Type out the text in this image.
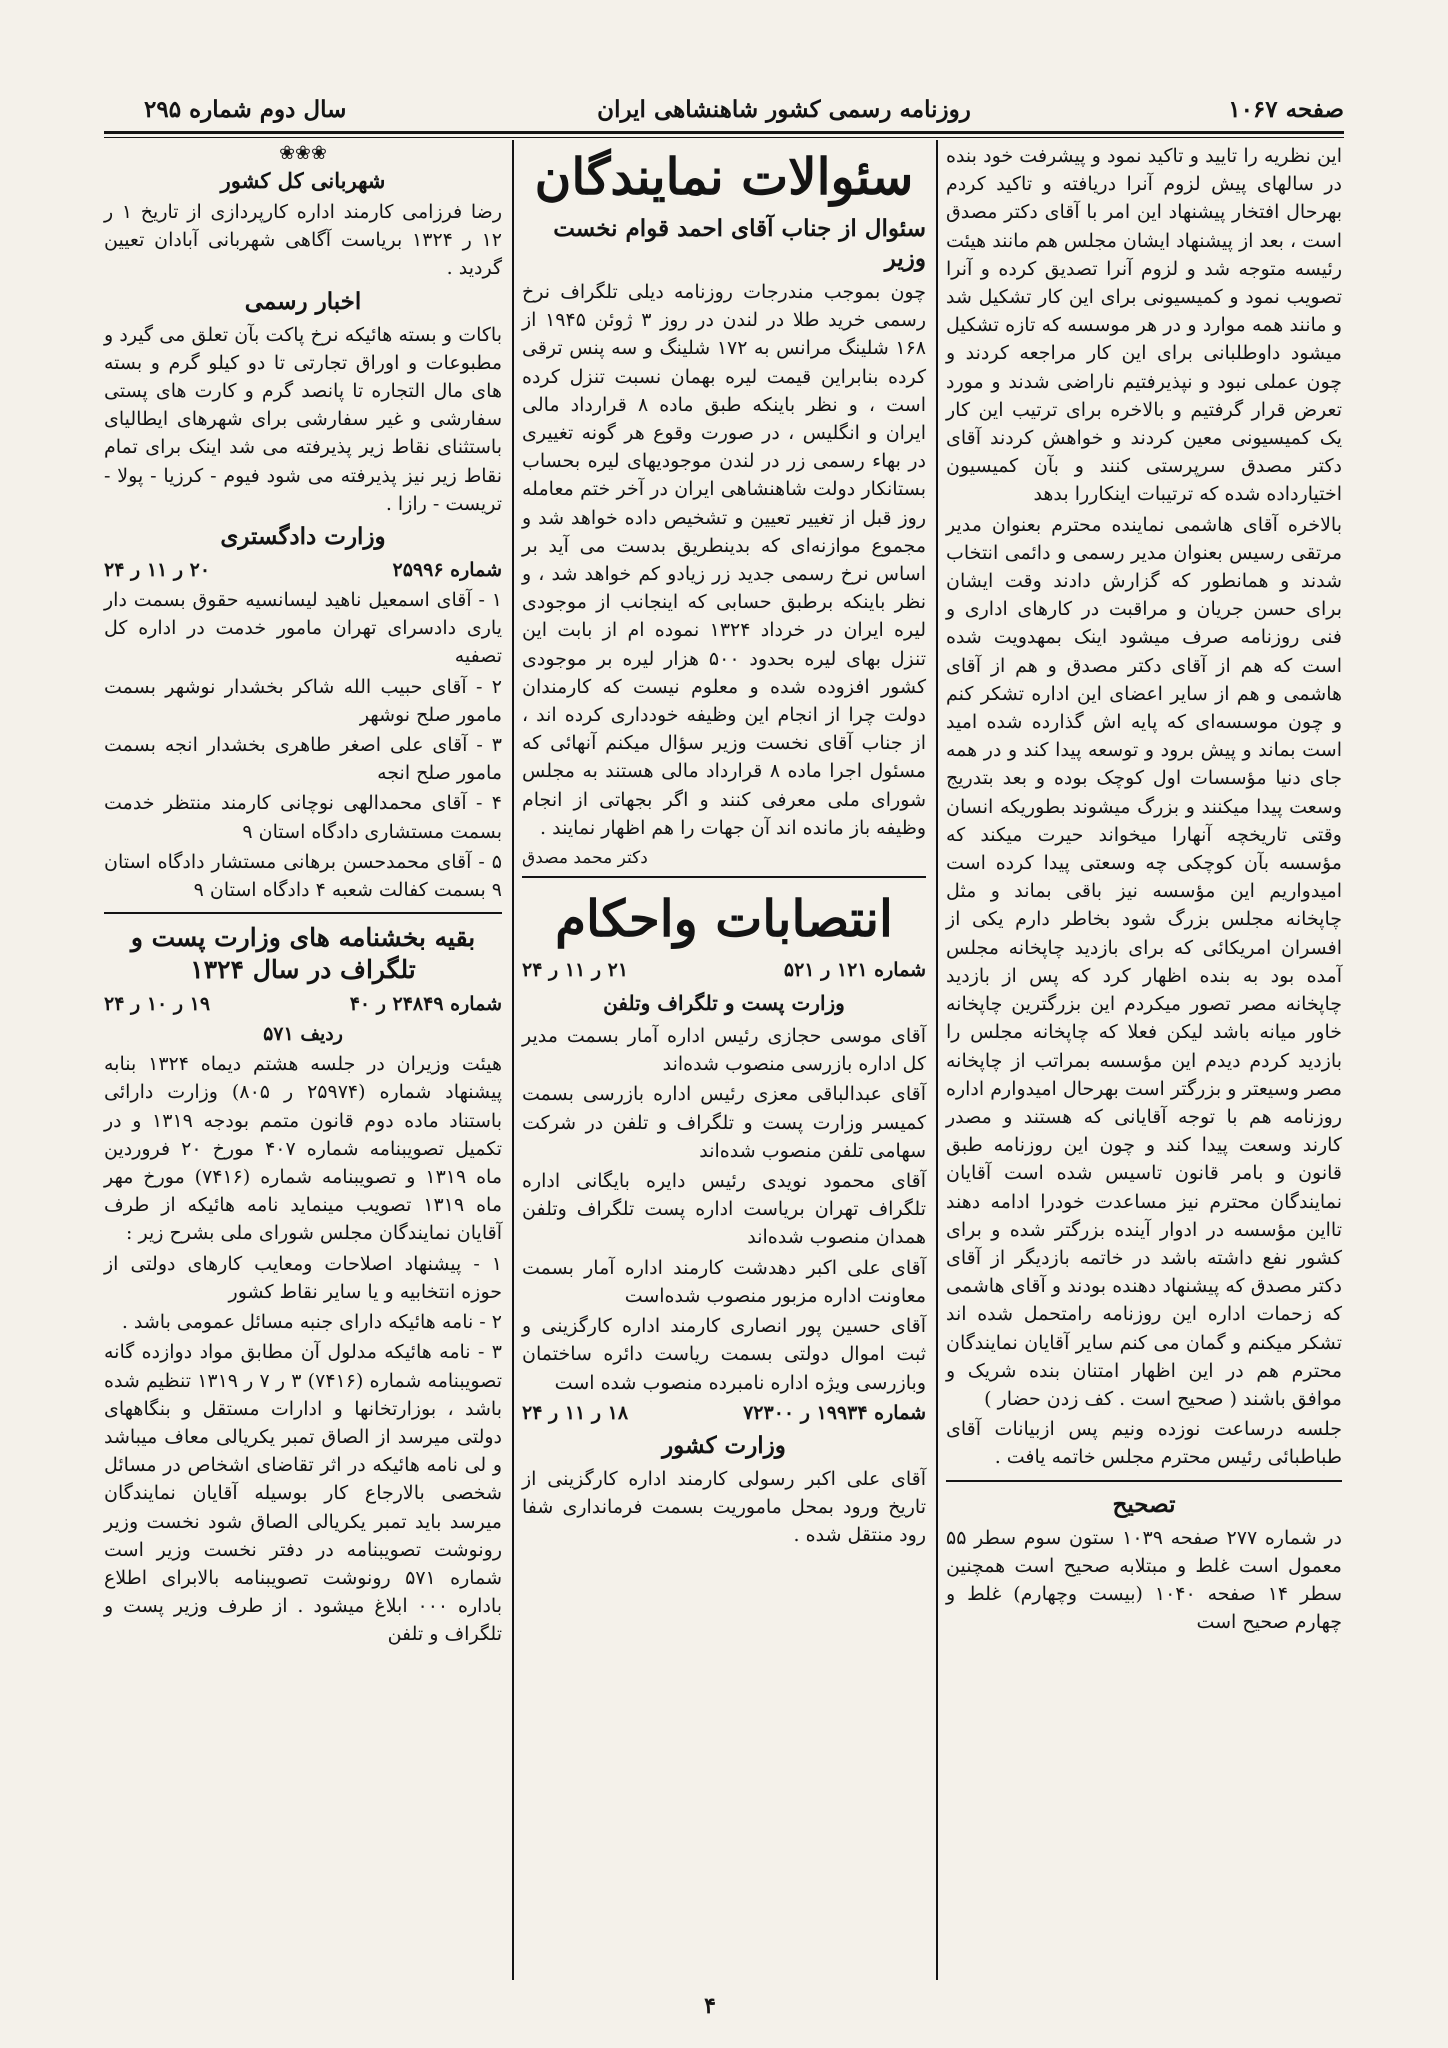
صفحه ۱۰۶۷
روزنامه رسمی کشور شاهنشاهی ایران
سال دوم شماره ۲۹۵

این نظریه را تایید و تاکید نمود و پیشرفت خود بنده در سالهای پیش لزوم آنرا دریافته و تاکید کردم بهرحال افتخار پیشنهاد این امر با آقای دکتر مصدق است ، بعد از پیشنهاد ایشان مجلس هم مانند هیئت رئیسه متوجه شد و لزوم آنرا تصدیق کرده و آنرا تصویب نمود و کمیسیونی برای این کار تشکیل شد و مانند همه موارد و در هر موسسه که تازه تشکیل میشود داوطلبانی برای این کار مراجعه کردند و چون عملی نبود و نپذیرفتیم ناراضی شدند و مورد تعرض قرار گرفتیم و بالاخره برای ترتیب این کار یک کمیسیونی معین کردند و خواهش کردند آقای دکتر مصدق سرپرستی کنند و بآن کمیسیون اختیارداده شده که ترتیبات اینکاررا بدهد

بالاخره آقای هاشمی نماینده محترم بعنوان مدیر مرتقی رسیس بعنوان مدیر رسمی و دائمی انتخاب شدند و همانطور که گزارش دادند وقت ایشان برای حسن جریان و مراقبت در کارهای اداری و فنی روزنامه صرف میشود اینک بمهدویت شده است که هم از آقای دکتر مصدق و هم از آقای هاشمی و هم از سایر اعضای این اداره تشکر کنم و چون موسسه‌ای که پایه اش گذارده شده امید است بماند و پیش برود و توسعه پیدا کند و در همه جای دنیا مؤسسات اول کوچک بوده و بعد بتدریج وسعت پیدا میکنند و بزرگ میشوند بطوریکه انسان وقتی تاریخچه آنهارا میخواند حیرت میکند که مؤسسه بآن کوچکی چه وسعتی پیدا کرده است امیدواریم این مؤسسه نیز باقی بماند و مثل چاپخانه مجلس بزرگ شود بخاطر دارم یکی از افسران امریکائی که برای بازدید چاپخانه مجلس آمده بود به بنده اظهار کرد که پس از بازدید چاپخانه مصر تصور میکردم این بزرگترین چاپخانه خاور میانه باشد لیکن فعلا که چاپخانه مجلس را بازدید کردم دیدم این مؤسسه بمراتب از چاپخانه مصر وسیعتر و بزرگتر است بهرحال امیدوارم اداره روزنامه هم با توجه آقایانی که هستند و مصدر کارند وسعت پیدا کند و چون این روزنامه طبق قانون و بامر قانون تاسیس شده است آقایان نمایندگان محترم نیز مساعدت خودرا ادامه دهند تااین مؤسسه در ادوار آینده بزرگتر شده و برای کشور نفع داشته باشد در خاتمه بازدیگر از آقای دکتر مصدق که پیشنهاد دهنده بودند و آقای هاشمی که زحمات اداره این روزنامه رامتحمل شده اند تشکر میکنم و گمان می کنم سایر آقایان نمایندگان محترم هم در این اظهار امتنان بنده شریک و موافق باشند ( صحیح است . کف زدن حضار )

جلسه درساعت نوزده ونیم پس ازبیانات آقای طباطبائی رئیس محترم مجلس خاتمه یافت .

تصحیح

در شماره ۲۷۷ صفحه ۱۰۳۹ ستون سوم سطر ۵۵ معمول است غلط و مبتلابه صحیح است همچنین سطر ۱۴ صفحه ۱۰۴۰ (بیست وچهارم) غلط و چهارم صحیح است

سئوالات نمایندگان
سئوال از جناب آقای احمد قوام نخست وزیر

چون بموجب مندرجات روزنامه دیلی تلگراف نرخ رسمی خرید طلا در لندن در روز ۳ ژوئن ۱۹۴۵ از ۱۶۸ شلینگ مرانس به ۱۷۲ شلینگ و سه پنس ترقی کرده بنابراین قیمت لیره بهمان نسبت تنزل کرده است ، و نظر باینکه طبق ماده ۸ قرارداد مالی ایران و انگلیس ، در صورت وقوع هر گونه تغییری در بهاء رسمی زر در لندن موجودیهای لیره بحساب بستانکار دولت شاهنشاهی ایران در آخر ختم معامله روز قبل از تغییر تعیین و تشخیص داده خواهد شد و مجموع موازنه‌ای که بدینطریق بدست می آید بر اساس نرخ رسمی جدید زر زیادو کم خواهد شد ، و نظر باینکه برطبق حسابی که اینجانب از موجودی لیره ایران در خرداد ۱۳۲۴ نموده ام از بابت این تنزل بهای لیره بحدود ۵۰۰ هزار لیره بر موجودی کشور افزوده شده و معلوم نیست که کارمندان دولت چرا از انجام این وظیفه خودداری کرده اند ، از جناب آقای نخست وزیر سؤال میکنم آنهائی که مسئول اجرا ماده ۸ قرارداد مالی هستند به مجلس شورای ملی معرفی کنند و اگر بجهاتی از انجام وظیفه باز مانده اند آن جهات را هم اظهار نمایند .

دکتر محمد مصدق
انتصابات واحکام
شماره ۱۲۱ ر ۵۲۱
۲۱ ر ۱۱ ر ۲۴
وزارت پست و تلگراف وتلفن

آقای موسی حجازی رئیس اداره آمار بسمت مدیر کل اداره بازرسی منصوب شده‌اند

آقای عبدالباقی معزی رئیس اداره بازرسی بسمت کمیسر وزارت پست و تلگراف و تلفن در شرکت سهامی تلفن منصوب شده‌اند

آقای محمود نویدی رئیس دایره بایگانی اداره تلگراف تهران بریاست اداره پست تلگراف وتلفن همدان منصوب شده‌اند

آقای علی اکبر دهدشت کارمند اداره آمار بسمت معاونت اداره مزبور منصوب شده‌است

آقای حسین پور انصاری کارمند اداره کارگزینی و ثبت اموال دولتی بسمت ریاست دائره ساختمان وبازرسی ویژه اداره نامبرده منصوب شده است

شماره ۱۹۹۳۴ ر ۷۲۳۰۰
۱۸ ر ۱۱ ر ۲۴
وزارت کشور

آقای علی اکبر رسولی کارمند اداره کارگزینی از تاریخ ورود بمحل ماموریت بسمت فرمانداری شفا رود منتقل شده .

❀❀❀
شهربانی کل کشور

رضا فرزامی کارمند اداره کارپردازی از تاریخ ۱ ر ۱۲ ر ۱۳۲۴ بریاست آگاهی شهربانی آبادان تعیین گردید .

اخبار رسمی

باکات و بسته هائیکه نرخ پاکت بآن تعلق می گیرد و مطبوعات و اوراق تجارتی تا دو کیلو گرم و بسته های مال التجاره تا پانصد گرم و کارت های پستی سفارشی و غیر سفارشی برای شهرهای ایطالیای باستثنای نقاط زیر پذیرفته می شد اینک برای تمام نقاط زیر نیز پذیرفته می شود فیوم - کرزیا - پولا - تریست - رازا .

وزارت دادگستری
شماره ۲۵۹۹۶
۲۰ ر ۱۱ ر ۲۴

۱ - آقای اسمعیل ناهید لیسانسیه حقوق بسمت دار یاری دادسرای تهران مامور خدمت در اداره کل تصفیه

۲ - آقای حبیب الله شاکر بخشدار نوشهر بسمت مامور صلح نوشهر

۳ - آقای علی اصغر طاهری بخشدار انجه بسمت مامور صلح انجه

۴ - آقای محمدالهی نوچانی کارمند منتظر خدمت بسمت مستشاری دادگاه استان ۹

۵ - آقای محمدحسن برهانی مستشار دادگاه استان ۹ بسمت کفالت شعبه ۴ دادگاه استان ۹

بقیه بخشنامه های وزارت پست و تلگراف در سال ۱۳۲۴
شماره ۲۴۸۴۹ ر ۴۰
۱۹ ر ۱۰ ر ۲۴
ردیف ۵۷۱

هیئت وزیران در جلسه هشتم دیماه ۱۳۲۴ بنابه پیشنهاد شماره (۲۵۹۷۴ ر ۸۰۵) وزارت دارائی باستناد ماده دوم قانون متمم بودجه ۱۳۱۹ و در تکمیل تصویبنامه شماره ۴۰۷ مورخ ۲۰ فروردین ماه ۱۳۱۹ و تصویبنامه شماره (۷۴۱۶) مورخ مهر ماه ۱۳۱۹ تصویب مینماید نامه هائیکه از طرف آقایان نمایندگان مجلس شورای ملی بشرح زیر :

۱ - پیشنهاد اصلاحات ومعایب کارهای دولتی از حوزه انتخابیه و یا سایر نقاط کشور

۲ - نامه هائیکه دارای جنبه مسائل عمومی باشد .

۳ - نامه هائیکه مدلول آن مطابق مواد دوازده گانه تصویبنامه شماره (۷۴۱۶) ۳ ر ۷ ر ۱۳۱۹ تنظیم شده باشد ، بوزارتخانها و ادارات مستقل و بنگاههای دولتی میرسد از الصاق تمبر یکریالی معاف میباشد و لی نامه هائیکه در اثر تقاضای اشخاص در مسائل شخصی بالارجاع کار بوسیله آقایان نمایندگان میرسد باید تمبر یکریالی الصاق شود نخست وزیر رونوشت تصویبنامه در دفتر نخست وزیر است شماره ۵۷۱ رونوشت تصویبنامه بالابرای اطلاع باداره ۰۰۰ ابلاغ میشود . از طرف وزیر پست و تلگراف و تلفن

۴
